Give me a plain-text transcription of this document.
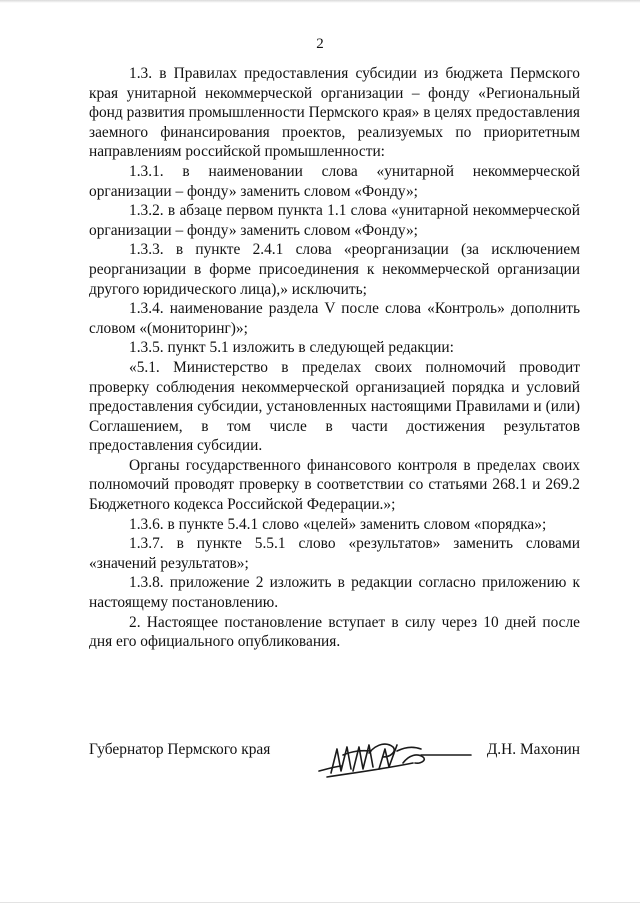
2

1.3. в Правилах предоставления субсидии из бюджета Пермского края унитарной некоммерческой организации – фонду «Региональный фонд развития промышленности Пермского края» в целях предоставления заемного финансирования проектов, реализуемых по приоритетным направлениям российской промышленности:

1.3.1. в наименовании слова «унитарной некоммерческой организации – фонду» заменить словом «Фонду»;

1.3.2. в абзаце первом пункта 1.1 слова «унитарной некоммерческой организации – фонду» заменить словом «Фонду»;

1.3.3. в пункте 2.4.1 слова «реорганизации (за исключением реорганизации в форме присоединения к некоммерческой организации другого юридического лица),» исключить;

1.3.4. наименование раздела V после слова «Контроль» дополнить словом «(мониторинг)»;

1.3.5. пункт 5.1 изложить в следующей редакции:

«5.1. Министерство в пределах своих полномочий проводит проверку соблюдения некоммерческой организацией порядка и условий предоставления субсидии, установленных настоящими Правилами и (или) Соглашением, в том числе в части достижения результатов предоставления субсидии.

Органы государственного финансового контроля в пределах своих полномочий проводят проверку в соответствии со статьями 268.1 и 269.2 Бюджетного кодекса Российской Федерации.»;

1.3.6. в пункте 5.4.1 слово «целей» заменить словом «порядка»;

1.3.7. в пункте 5.5.1 слово «результатов» заменить словами «значений результатов»;

1.3.8. приложение 2 изложить в редакции согласно приложению к настоящему постановлению.

2. Настоящее постановление вступает в силу через 10 дней после дня его официального опубликования.

Губернатор Пермского края	Д.Н. Махонин
